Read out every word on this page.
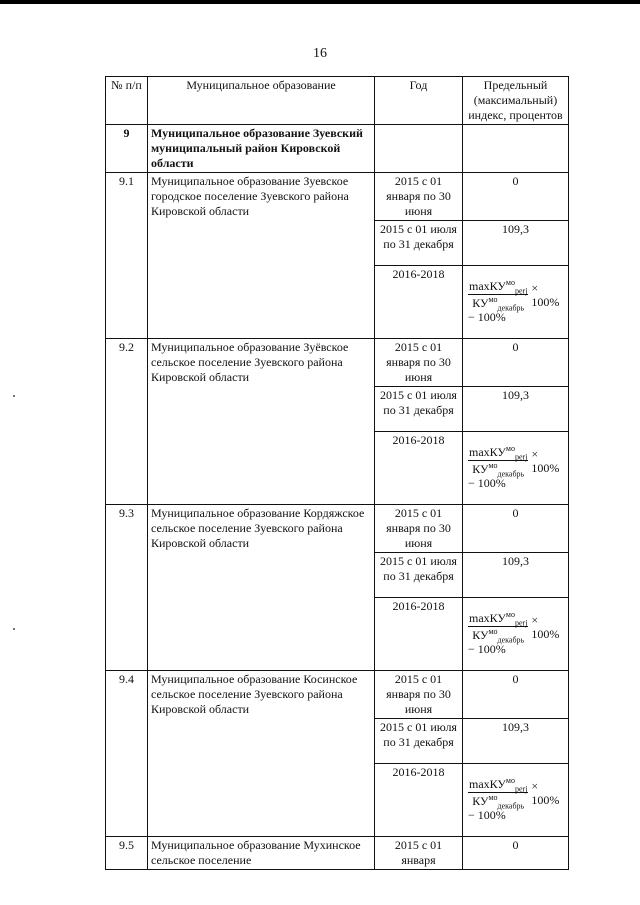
16
№ п/п	Муниципальное образование	Год	Предельный (максимальный) индекс, процентов
9	Муниципальное образование Зуевский муниципальный район Кировской области		
9.1	Муниципальное образование Зуевское городское поселение Зуевского района Кировской области	2015 с 01 января по 30 июня	0
		2015 с 01 июля по 31 декабря	109,3
		2016-2018	$\frac{\max КУ^{мо}_{perj}}{КУ^{мо}_{декабрь}} \times 100\%$
− 100%

9.2	Муниципальное образование Зуёвское сельское поселение Зуевского района Кировской области	2015 с 01 января по 30 июня	0
		2015 с 01 июля по 31 декабря	109,3
		2016-2018	$\frac{\max КУ^{мо}_{perj}}{КУ^{мо}_{декабрь}} \times 100\%$
− 100%

9.3	Муниципальное образование Кордяжское сельское поселение Зуевского района Кировской области	2015 с 01 января по 30 июня	0
		2015 с 01 июля по 31 декабря	109,3
		2016-2018	$\frac{\max КУ^{мо}_{perj}}{КУ^{мо}_{декабрь}} \times 100\%$
− 100%

9.4	Муниципальное образование Косинское сельское поселение Зуевского района Кировской области	2015 с 01 января по 30 июня	0
		2015 с 01 июля по 31 декабря	109,3
		2016-2018	$\frac{\max КУ^{мо}_{perj}}{КУ^{мо}_{декабрь}} \times 100\%$
− 100%

9.5	Муниципальное образование Мухинское сельское поселение	2015 с 01 января	0
